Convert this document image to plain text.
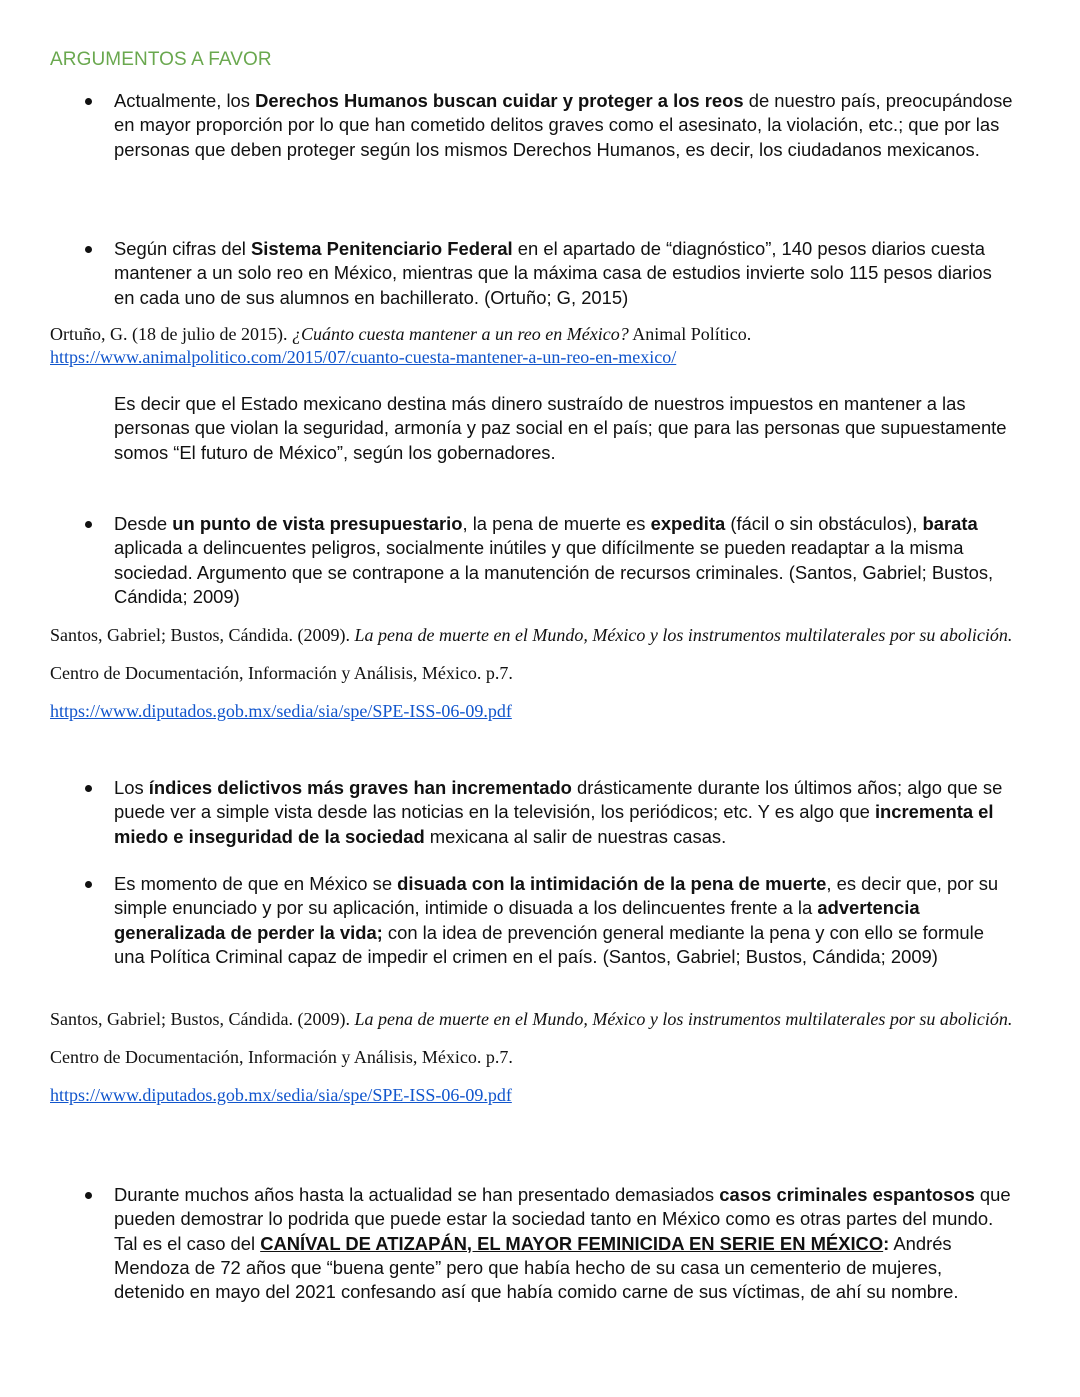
ARGUMENTOS A FAVOR
Actualmente, los Derechos Humanos buscan cuidar y proteger a los reos de nuestro país, preocupándose en mayor proporción por lo que han cometido delitos graves como el asesinato, la violación, etc.; que por las personas que deben proteger según los mismos Derechos Humanos, es decir, los ciudadanos mexicanos.
Según cifras del Sistema Penitenciario Federal en el apartado de “diagnóstico”, 140 pesos diarios cuesta mantener a un solo reo en México, mientras que la máxima casa de estudios invierte solo 115 pesos diarios en cada uno de sus alumnos en bachillerato. (Ortuño; G, 2015)
Ortuño, G. (18 de julio de 2015). ¿Cuánto cuesta mantener a un reo en México? Animal Político.
https://www.animalpolitico.com/2015/07/cuanto-cuesta-mantener-a-un-reo-en-mexico/
Es decir que el Estado mexicano destina más dinero sustraído de nuestros impuestos en mantener a las personas que violan la seguridad, armonía y paz social en el país; que para las personas que supuestamente somos “El futuro de México”, según los gobernadores.
Desde un punto de vista presupuestario, la pena de muerte es expedita (fácil o sin obstáculos), barata aplicada a delincuentes peligros, socialmente inútiles y que difícilmente se pueden readaptar a la misma sociedad. Argumento que se contrapone a la manutención de recursos criminales. (Santos, Gabriel; Bustos, Cándida; 2009)
Santos, Gabriel; Bustos, Cándida. (2009). La pena de muerte en el Mundo, México y los instrumentos multilaterales por su abolición. Centro de Documentación, Información y Análisis, México. p.7.
https://www.diputados.gob.mx/sedia/sia/spe/SPE-ISS-06-09.pdf
Los índices delictivos más graves han incrementado drásticamente durante los últimos años; algo que se puede ver a simple vista desde las noticias en la televisión, los periódicos; etc. Y es algo que incrementa el miedo e inseguridad de la sociedad mexicana al salir de nuestras casas.
Es momento de que en México se disuada con la intimidación de la pena de muerte, es decir que, por su simple enunciado y por su aplicación, intimide o disuada a los delincuentes frente a la advertencia generalizada de perder la vida; con la idea de prevención general mediante la pena y con ello se formule una Política Criminal capaz de impedir el crimen en el país. (Santos, Gabriel; Bustos, Cándida; 2009)
Santos, Gabriel; Bustos, Cándida. (2009). La pena de muerte en el Mundo, México y los instrumentos multilaterales por su abolición. Centro de Documentación, Información y Análisis, México. p.7.
https://www.diputados.gob.mx/sedia/sia/spe/SPE-ISS-06-09.pdf
Durante muchos años hasta la actualidad se han presentado demasiados casos criminales espantosos que pueden demostrar lo podrida que puede estar la sociedad tanto en México como es otras partes del mundo. Tal es el caso del CANÍVAL DE ATIZAPÁN, EL MAYOR FEMINICIDA EN SERIE EN MÉXICO: Andrés Mendoza de 72 años que “buena gente” pero que había hecho de su casa un cementerio de mujeres, detenido en mayo del 2021 confesando así que había comido carne de sus víctimas, de ahí su nombre.
